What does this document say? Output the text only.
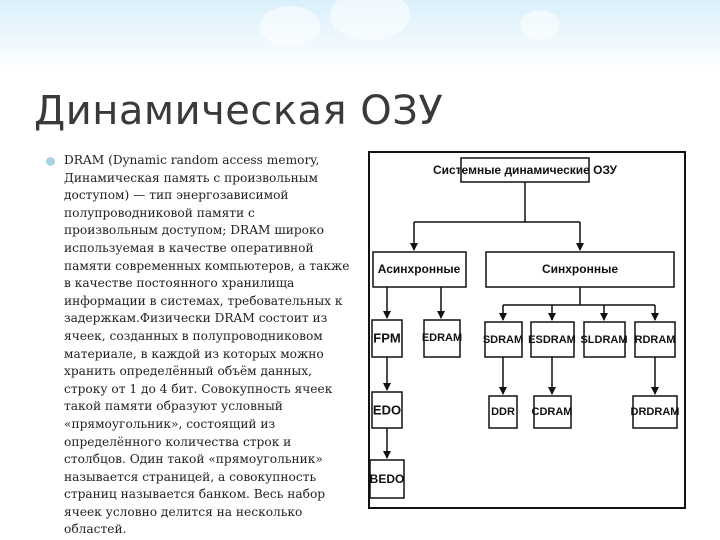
Динамическая ОЗУ
DRAM (Dynamic random access memory,
Динамическая память с произвольным
доступом) — тип энергозависимой
полупроводниковой памяти с
произвольным доступом; DRAM широко
используемая в качестве оперативной
памяти современных компьютеров, а также
в качестве постоянного хранилища
информации в системах, требовательных к
задержкам.Физически DRAM состоит из
ячеек, созданных в полупроводниковом
материале, в каждой из которых можно
хранить определённый объём данных,
строку от 1 до 4 бит. Совокупность ячеек
такой памяти образуют условный
«прямоугольник», состоящий из
определённого количества строк и
столбцов. Один такой «прямоугольник»
называется страницей, а совокупность
страниц называется банком. Весь набор
ячеек условно делится на несколько
областей.
Системные динамические ОЗУ
Асинхронные	Синхронные
FPM EDRAM
EDO
BEDO
SDRAM ESDRAM SLDRAM RDRAM
DDR CDRAM	DRDRAM
